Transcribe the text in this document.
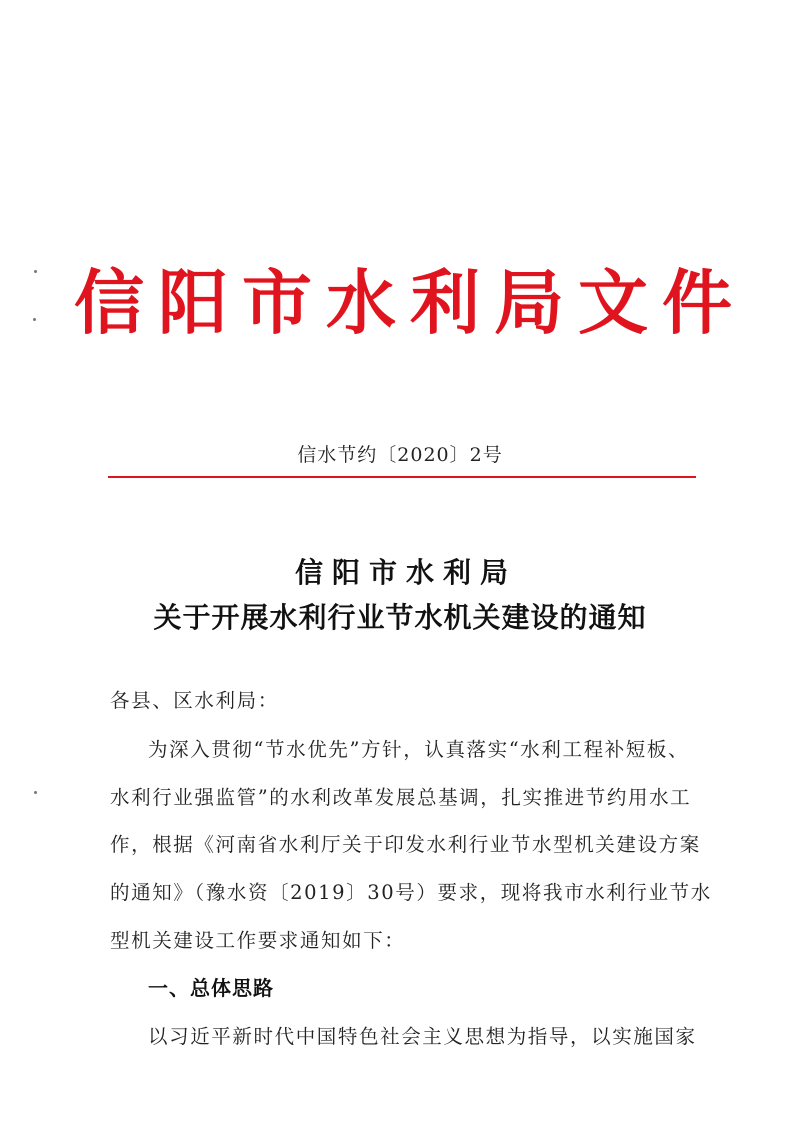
信阳市水利局文件
信水节约〔2020〕2号
信阳市水利局
关于开展水利行业节水机关建设的通知
各县、区水利局：
为深入贯彻“节水优先”方针，认真落实“水利工程补短板、
水利行业强监管”的水利改革发展总基调，扎实推进节约用水工
作，根据《河南省水利厅关于印发水利行业节水型机关建设方案
的通知》（豫水资〔2019〕30号）要求，现将我市水利行业节水
型机关建设工作要求通知如下：
一、总体思路
以习近平新时代中国特色社会主义思想为指导，以实施国家
